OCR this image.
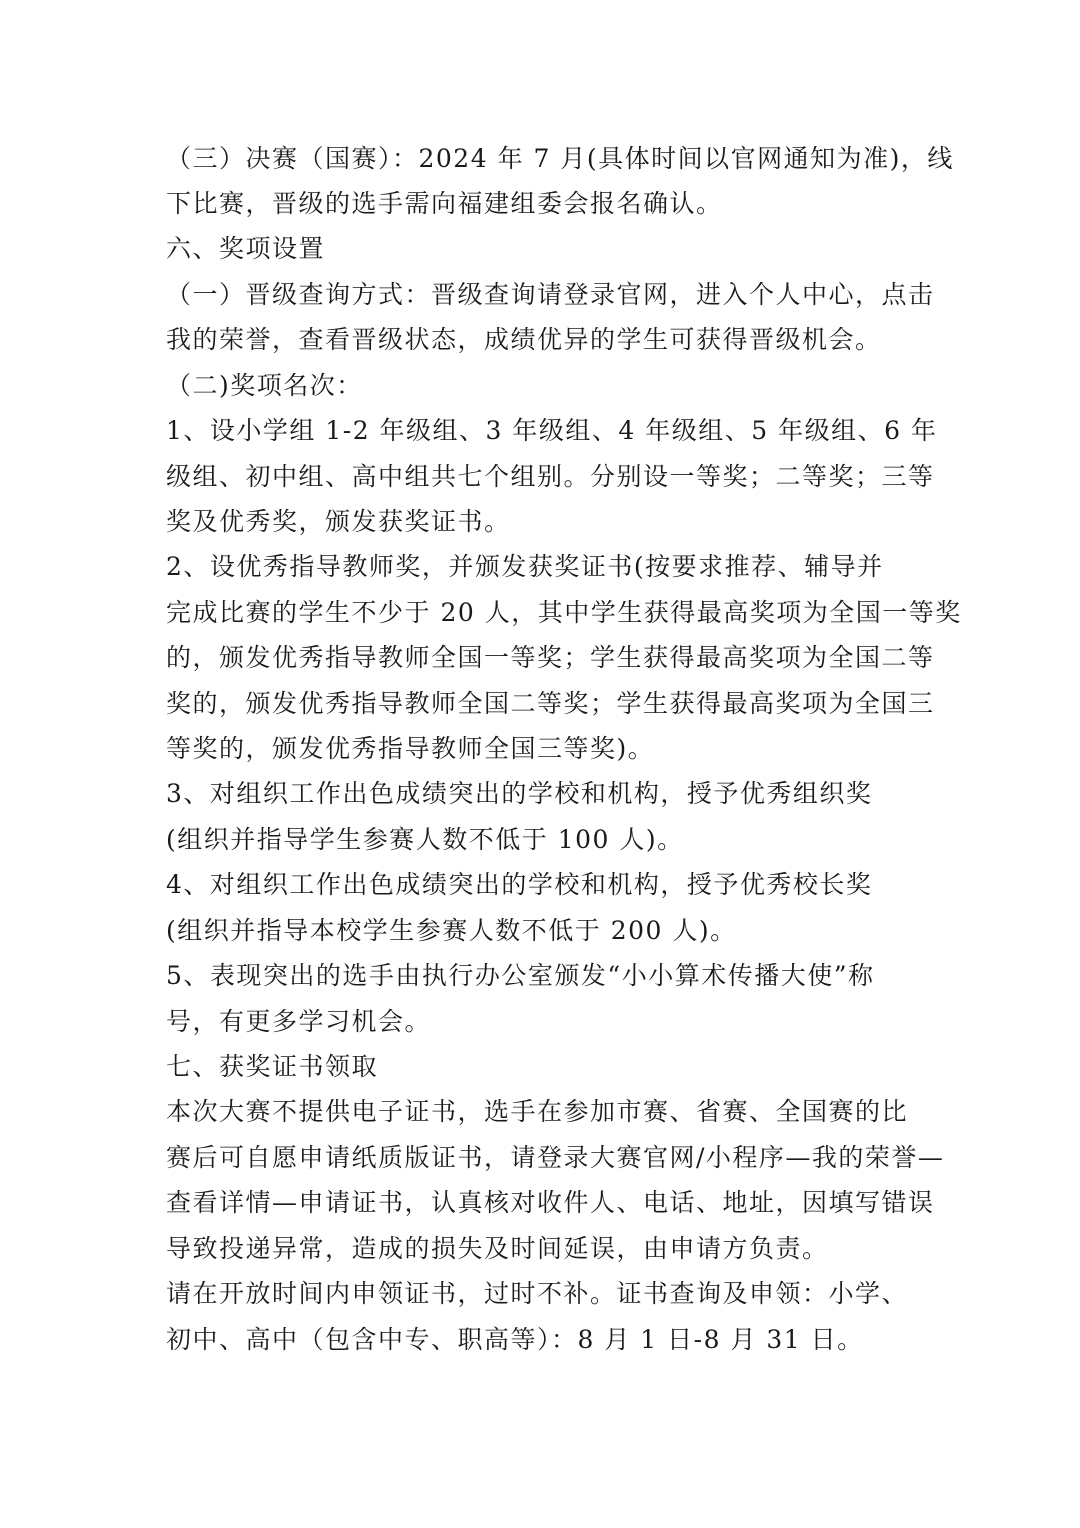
（三）决赛（国赛）：2024 年 7 月(具体时间以官网通知为准)，线
下比赛，晋级的选手需向福建组委会报名确认。
六、奖项设置
（一）晋级查询方式：晋级查询请登录官网，进入个人中心，点击
我的荣誉，查看晋级状态，成绩优异的学生可获得晋级机会。
（二)奖项名次：
1、设小学组 1-2 年级组、3 年级组、4 年级组、5 年级组、6 年
级组、初中组、高中组共七个组别。分别设一等奖；二等奖；三等
奖及优秀奖，颁发获奖证书。
2、设优秀指导教师奖，并颁发获奖证书(按要求推荐、辅导并
完成比赛的学生不少于 20 人，其中学生获得最高奖项为全国一等奖
的，颁发优秀指导教师全国一等奖；学生获得最高奖项为全国二等
奖的，颁发优秀指导教师全国二等奖；学生获得最高奖项为全国三
等奖的，颁发优秀指导教师全国三等奖)。
3、对组织工作出色成绩突出的学校和机构，授予优秀组织奖
(组织并指导学生参赛人数不低于 100 人)。
4、对组织工作出色成绩突出的学校和机构，授予优秀校长奖
(组织并指导本校学生参赛人数不低于 200 人)。
5、表现突出的选手由执行办公室颁发“小小算术传播大使”称
号，有更多学习机会。
七、获奖证书领取
本次大赛不提供电子证书，选手在参加市赛、省赛、全国赛的比
赛后可自愿申请纸质版证书，请登录大赛官网/小程序—我的荣誉—
查看详情—申请证书，认真核对收件人、电话、地址，因填写错误
导致投递异常，造成的损失及时间延误，由申请方负责。
请在开放时间内申领证书，过时不补。证书查询及申领：小学、
初中、高中（包含中专、职高等）：8 月 1 日-8 月 31 日。
